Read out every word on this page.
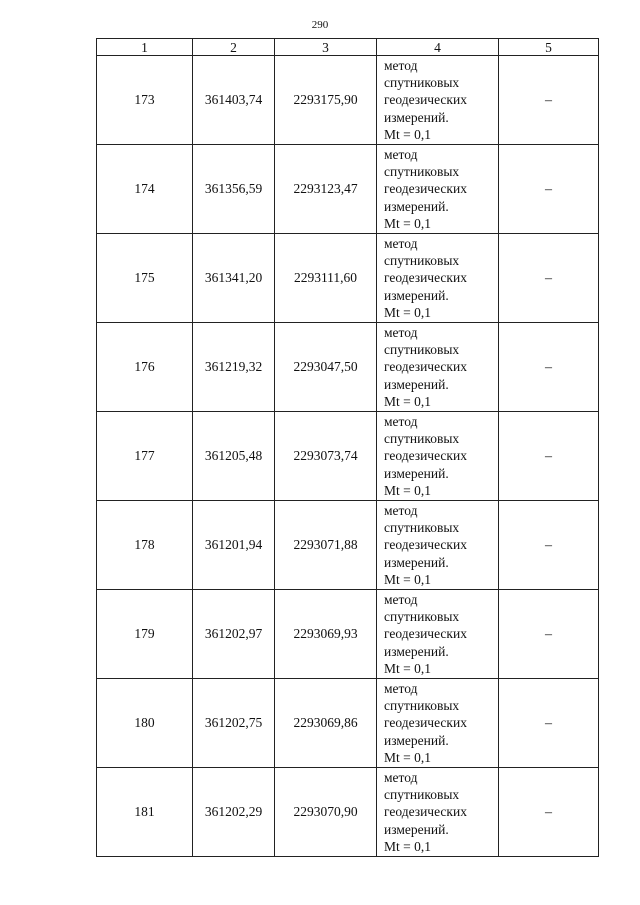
290
1	2	3	4	5
173	361403,74	2293175,90	метод
спутниковых
геодезических
измерений.
Mt = 0,1	–
174	361356,59	2293123,47	метод
спутниковых
геодезических
измерений.
Mt = 0,1	–
175	361341,20	2293111,60	метод
спутниковых
геодезических
измерений.
Mt = 0,1	–
176	361219,32	2293047,50	метод
спутниковых
геодезических
измерений.
Mt = 0,1	–
177	361205,48	2293073,74	метод
спутниковых
геодезических
измерений.
Mt = 0,1	–
178	361201,94	2293071,88	метод
спутниковых
геодезических
измерений.
Mt = 0,1	–
179	361202,97	2293069,93	метод
спутниковых
геодезических
измерений.
Mt = 0,1	–
180	361202,75	2293069,86	метод
спутниковых
геодезических
измерений.
Mt = 0,1	–
181	361202,29	2293070,90	метод
спутниковых
геодезических
измерений.
Mt = 0,1	–
